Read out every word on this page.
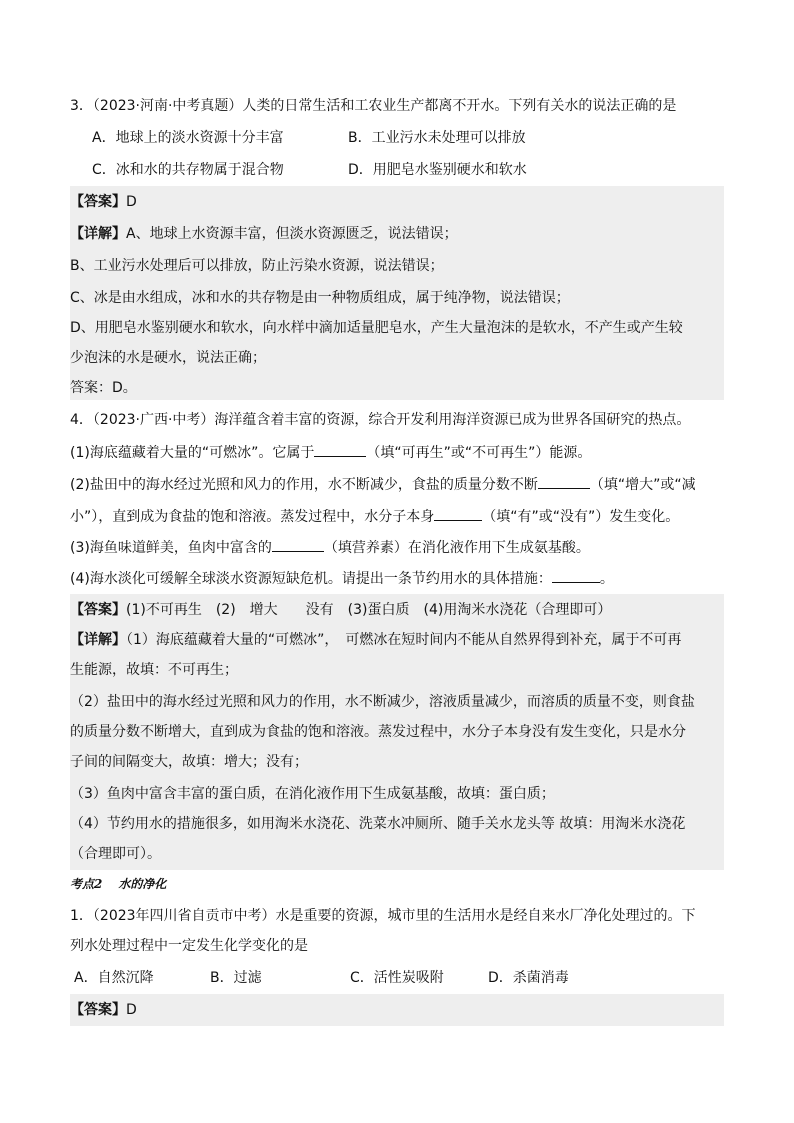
3．（2023·河南·中考真题）人类的日常生活和工农业生产都离不开水。下列有关水的说法正确的是
A．地球上的淡水资源十分丰富	B．工业污水未处理可以排放
C．冰和水的共存物属于混合物	D．用肥皂水鉴别硬水和软水
【答案】D
【详解】A、地球上水资源丰富，但淡水资源匮乏，说法错误；
B、工业污水处理后可以排放，防止污染水资源，说法错误；
C、冰是由水组成，冰和水的共存物是由一种物质组成，属于纯净物，说法错误；
D、用肥皂水鉴别硬水和软水，向水样中滴加适量肥皂水，产生大量泡沫的是软水，不产生或产生较
少泡沫的水是硬水，说法正确；
答案：D。
4．（2023·广西·中考）海洋蕴含着丰富的资源，综合开发利用海洋资源已成为世界各国研究的热点。
(1)海底蕴藏着大量的“可燃冰”。它属于	（填“可再生”或“不可再生”）能源。
(2)盐田中的海水经过光照和风力的作用，水不断减少，食盐的质量分数不断	（填“增大”或“减
小”），直到成为食盐的饱和溶液。蒸发过程中，水分子本身	（填“有”或“没有”）发生变化。
(3)海鱼味道鲜美，鱼肉中富含的	（填营养素）在消化液作用下生成氨基酸。
(4)海水淡化可缓解全球淡水资源短缺危机。请提出一条节约用水的具体措施：	。
【答案】(1)不可再生　(2)　增大　　没有　(3)蛋白质　(4)用淘米水浇花（合理即可）
【详解】（1）海底蕴藏着大量的“可燃冰”，　可燃冰在短时间内不能从自然界得到补充，属于不可再
生能源，故填：不可再生；
（2）盐田中的海水经过光照和风力的作用，水不断减少，溶液质量减少，而溶质的质量不变，则食盐
的质量分数不断增大，直到成为食盐的饱和溶液。蒸发过程中，水分子本身没有发生变化，只是水分
子间的间隔变大，故填：增大；没有；
（3）鱼肉中富含丰富的蛋白质，在消化液作用下生成氨基酸，故填：蛋白质；
（4）节约用水的措施很多，如用淘米水浇花、洗菜水冲厕所、随手关水龙头等 故填：用淘米水浇花
（合理即可）。
考点2 水的净化
1．（2023年四川省自贡市中考）水是重要的资源，城市里的生活用水是经自来水厂净化处理过的。下
列水处理过程中一定发生化学变化的是
A．自然沉降	B．过滤	C．活性炭吸附	D．杀菌消毒
【答案】D
